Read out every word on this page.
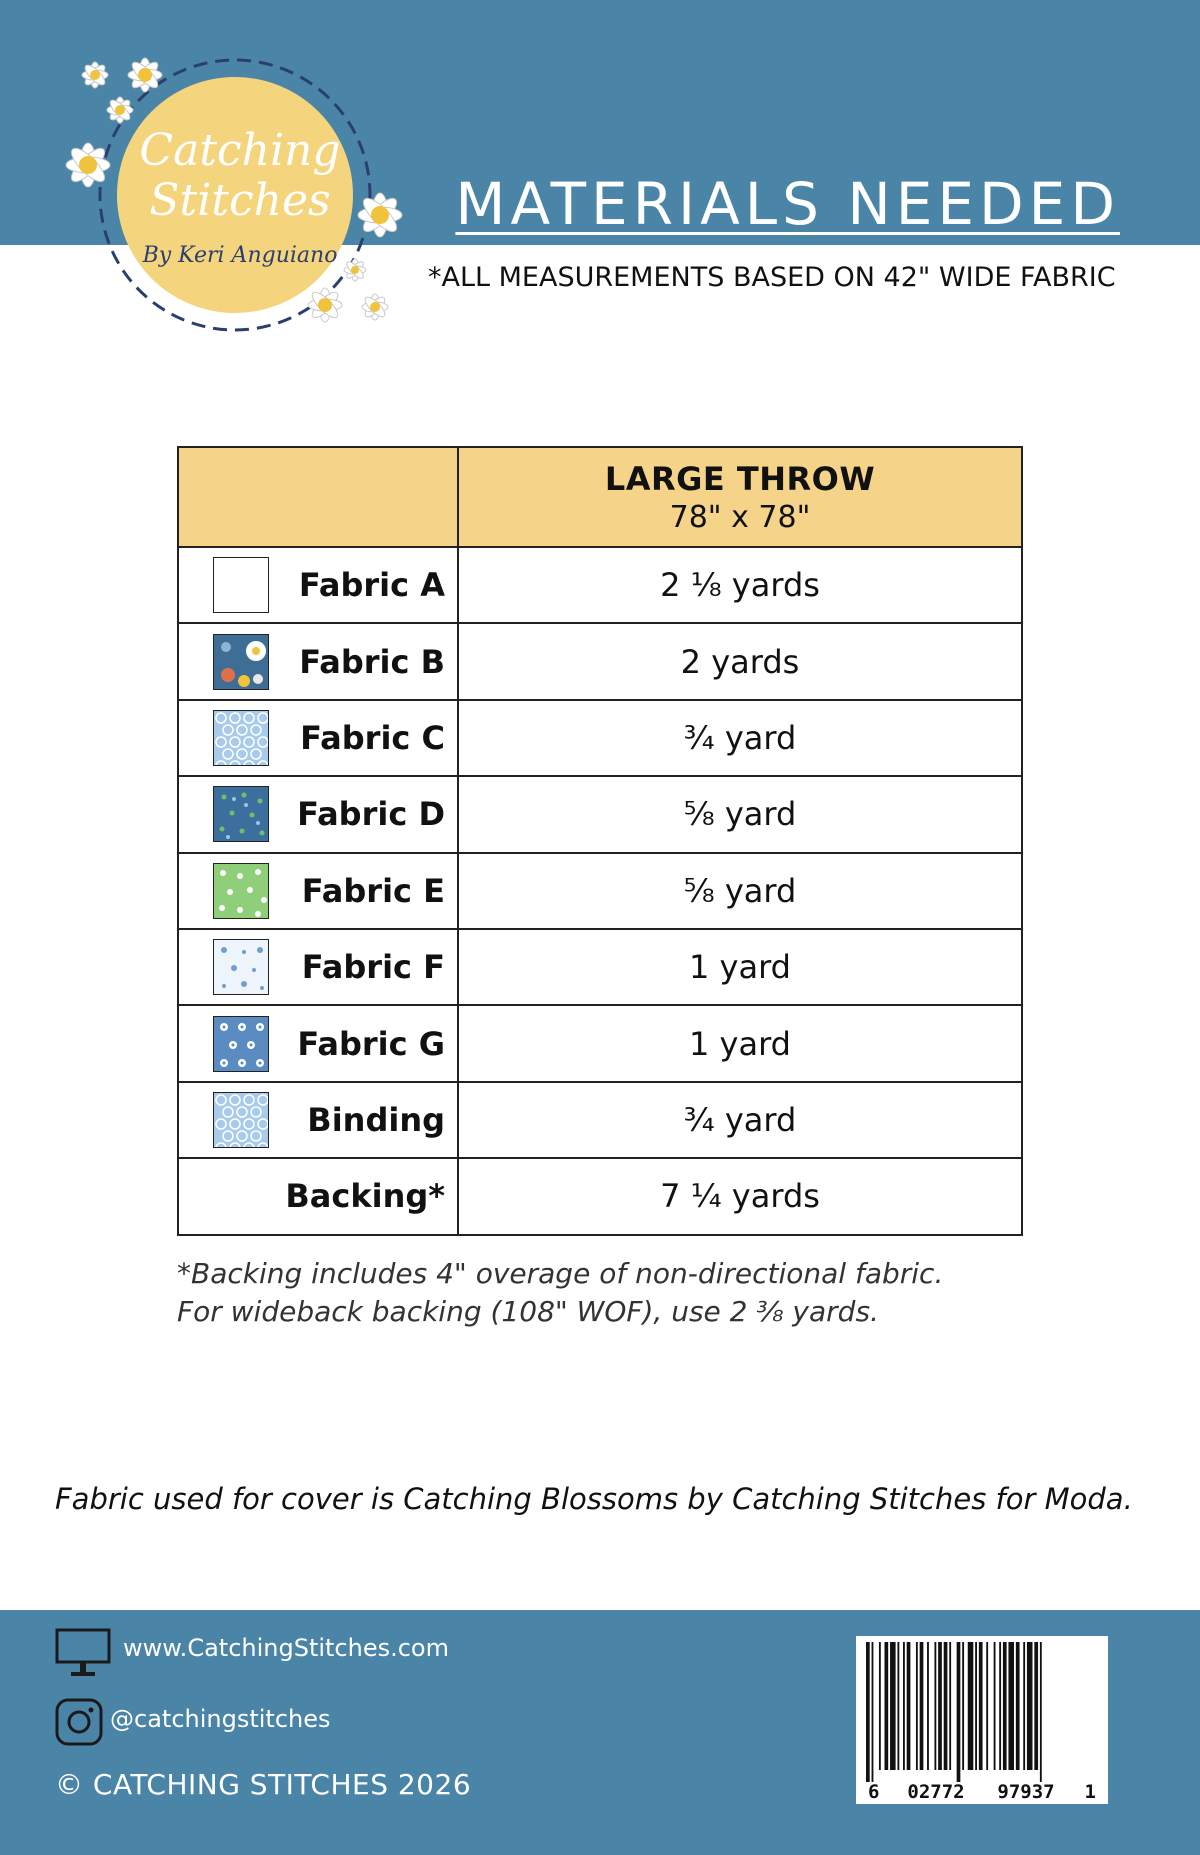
Catching
Stitches
By Keri Anguiano
MATERIALS NEEDED
*ALL MEASUREMENTS BASED ON 42" WIDE FABRIC

	LARGE THROW
78" x 78"

Fabric A	2 ⅛ yards

Fabric B	2 yards

Fabric C	¾ yard

Fabric D	⅝ yard

Fabric E	⅝ yard

Fabric F	1 yard

Fabric G	1 yard

Binding	¾ yard
Backing*	7 ¼ yards
*Backing includes 4" overage of non-directional fabric.
For wideback backing (108" WOF), use 2 ⅜ yards.
Fabric used for cover is Catching Blossoms by Catching Stitches for Moda.
www.CatchingStitches.com
@catchingstitches
© CATCHING STITCHES 2026	6 02772 97937 1
